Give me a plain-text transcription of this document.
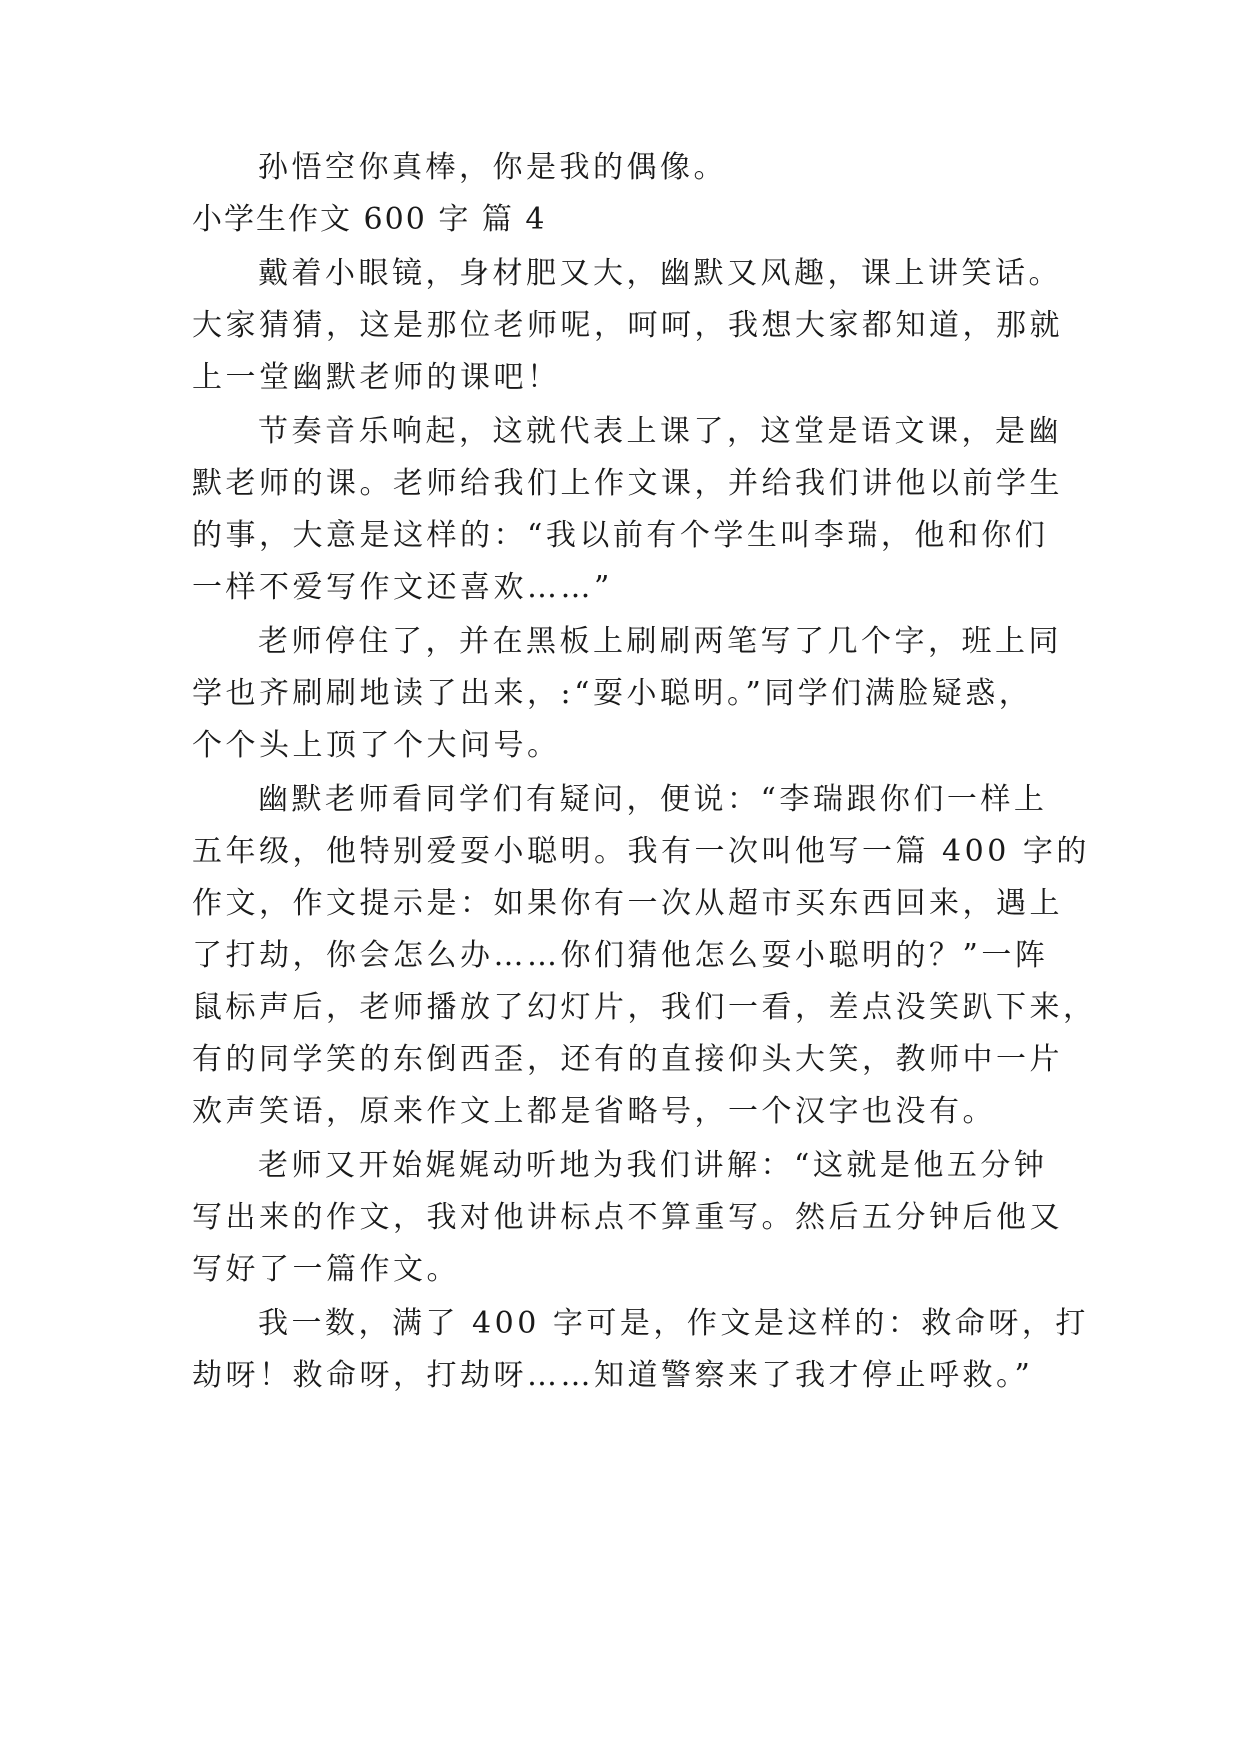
孙悟空你真棒，你是我的偶像。
小学生作文 600 字 篇 4
戴着小眼镜，身材肥又大，幽默又风趣，课上讲笑话。
大家猜猜，这是那位老师呢，呵呵，我想大家都知道，那就
上一堂幽默老师的课吧！
节奏音乐响起，这就代表上课了，这堂是语文课，是幽
默老师的课。老师给我们上作文课，并给我们讲他以前学生
的事，大意是这样的：“我以前有个学生叫李瑞，他和你们
一样不爱写作文还喜欢……”
老师停住了，并在黑板上刷刷两笔写了几个字，班上同
学也齐刷刷地读了出来，:“耍小聪明。”同学们满脸疑惑，
个个头上顶了个大问号。
幽默老师看同学们有疑问，便说：“李瑞跟你们一样上
五年级，他特别爱耍小聪明。我有一次叫他写一篇 400 字的
作文，作文提示是：如果你有一次从超市买东西回来，遇上
了打劫，你会怎么办……你们猜他怎么耍小聪明的？”一阵
鼠标声后，老师播放了幻灯片，我们一看，差点没笑趴下来，
有的同学笑的东倒西歪，还有的直接仰头大笑，教师中一片
欢声笑语，原来作文上都是省略号，一个汉字也没有。
老师又开始娓娓动听地为我们讲解：“这就是他五分钟
写出来的作文，我对他讲标点不算重写。然后五分钟后他又
写好了一篇作文。
我一数，满了 400 字可是，作文是这样的：救命呀，打
劫呀！救命呀，打劫呀……知道警察来了我才停止呼救。”
